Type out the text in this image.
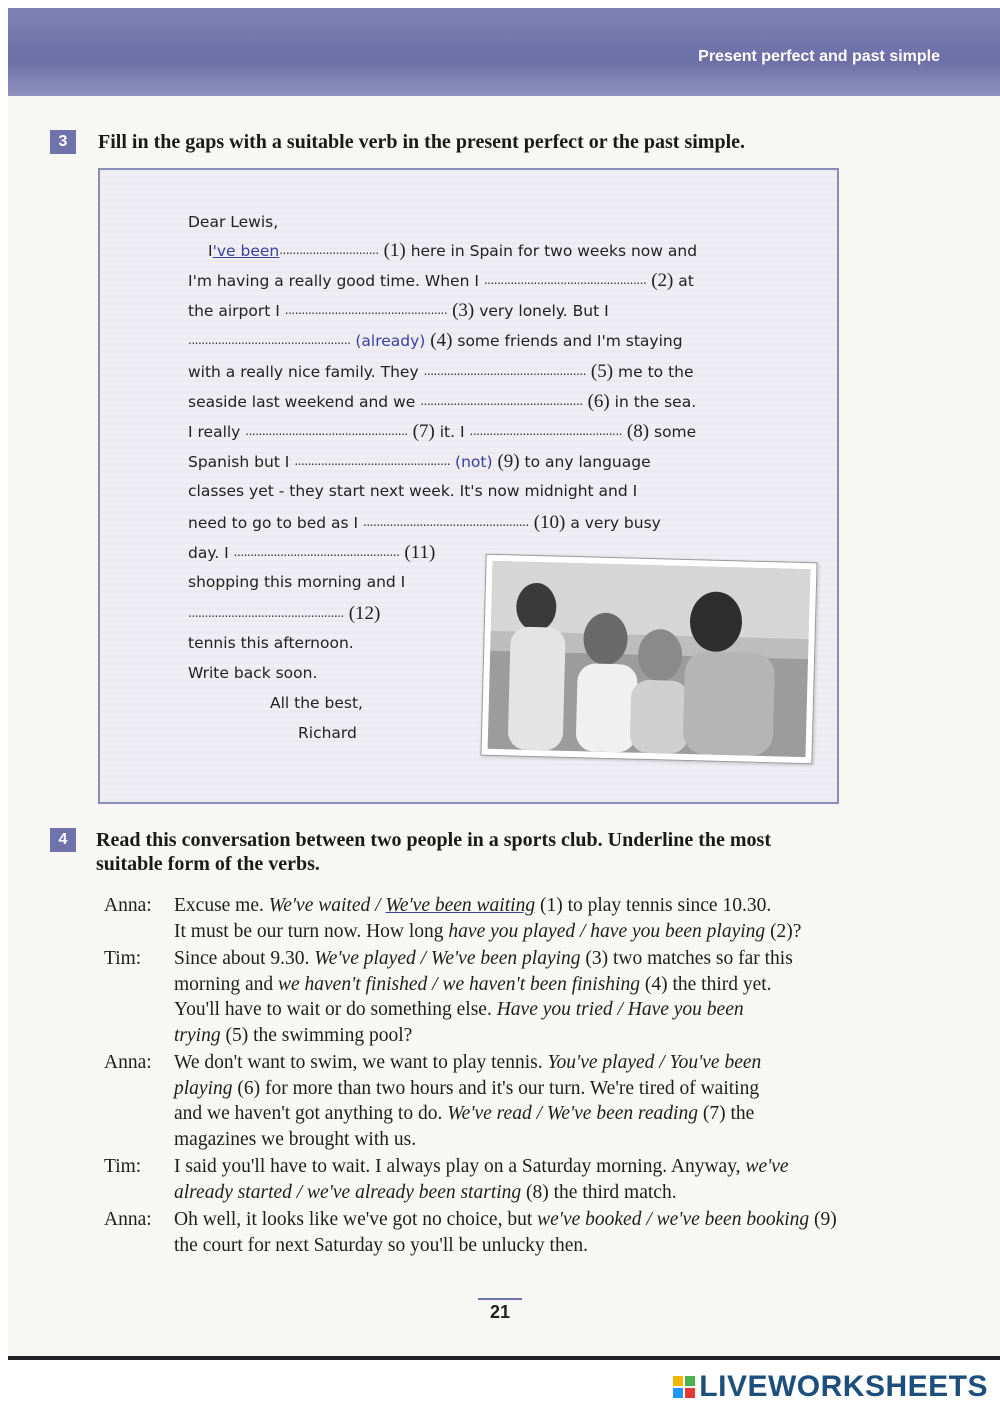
Present perfect and past simple
3	Fill in the gaps with a suitable verb in the present perfect or the past simple.
Dear Lewis,
I've been.............................. (1) here in Spain for two weeks now and
I'm having a really good time. When I ................................................. (2) at
the airport I ................................................. (3) very lonely. But I
................................................. (already) (4) some friends and I'm staying
with a really nice family. They ................................................. (5) me to the
seaside last weekend and we ................................................. (6) in the sea.
I really ................................................. (7) it. I .............................................. (8) some
Spanish but I ............................................... (not) (9) to any language
classes yet - they start next week. It's now midnight and I
need to go to bed as I .................................................. (10) a very busy
day. I .................................................. (11)
shopping this morning and I
............................................... (12)
tennis this afternoon.
Write back soon.
All the best,
Richard
4	Read this conversation between two people in a sports club. Underline the most
suitable form of the verbs.
Anna: Excuse me. We've waited / We've been waiting (1) to play tennis since 10.30.
It must be our turn now. How long have you played / have you been playing (2)?
Tim: Since about 9.30. We've played / We've been playing (3) two matches so far this
morning and we haven't finished / we haven't been finishing (4) the third yet.
You'll have to wait or do something else. Have you tried / Have you been
trying (5) the swimming pool?
Anna: We don't want to swim, we want to play tennis. You've played / You've been
playing (6) for more than two hours and it's our turn. We're tired of waiting
and we haven't got anything to do. We've read / We've been reading (7) the
magazines we brought with us.
Tim: I said you'll have to wait. I always play on a Saturday morning. Anyway, we've
already started / we've already been starting (8) the third match.
Anna: Oh well, it looks like we've got no choice, but we've booked / we've been booking (9)
the court for next Saturday so you'll be unlucky then.
21
LIVEWORKSHEETS
